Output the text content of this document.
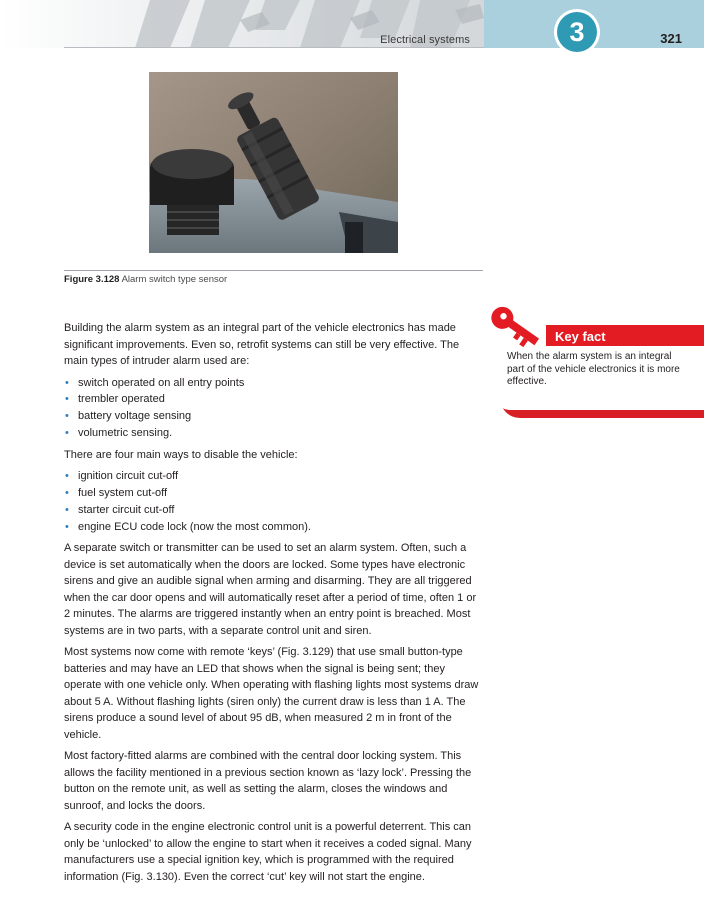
Electrical systems	3	321
Figure 3.128 Alarm switch type sensor
Key fact
When the alarm system is an integral part of the vehicle electronics it is more effective.

Building the alarm system as an integral part of the vehicle electronics has made significant improvements. Even so, retrofit systems can still be very effective. The main types of intruder alarm used are:

• switch operated on all entry points
• trembler operated
• battery voltage sensing
• volumetric sensing.

There are four main ways to disable the vehicle:

• ignition circuit cut-off
• fuel system cut-off
• starter circuit cut-off
• engine ECU code lock (now the most common).

A separate switch or transmitter can be used to set an alarm system. Often, such a device is set automatically when the doors are locked. Some types have electronic sirens and give an audible signal when arming and disarming. They are all triggered when the car door opens and will automatically reset after a period of time, often 1 or 2 minutes. The alarms are triggered instantly when an entry point is breached. Most systems are in two parts, with a separate control unit and siren.

Most systems now come with remote ‘keys’ (Fig. 3.129) that use small button-type batteries and may have an LED that shows when the signal is being sent; they operate with one vehicle only. When operating with flashing lights most systems draw about 5 A. Without flashing lights (siren only) the current draw is less than 1 A. The sirens produce a sound level of about 95 dB, when measured 2 m in front of the vehicle.

Most factory-fitted alarms are combined with the central door locking system. This allows the facility mentioned in a previous section known as ‘lazy lock’. Pressing the button on the remote unit, as well as setting the alarm, closes the windows and sunroof, and locks the doors.

A security code in the engine electronic control unit is a powerful deterrent. This can only be ‘unlocked’ to allow the engine to start when it receives a coded signal. Many manufacturers use a special ignition key, which is programmed with the required information (Fig. 3.130). Even the correct ‘cut’ key will not start the engine.
